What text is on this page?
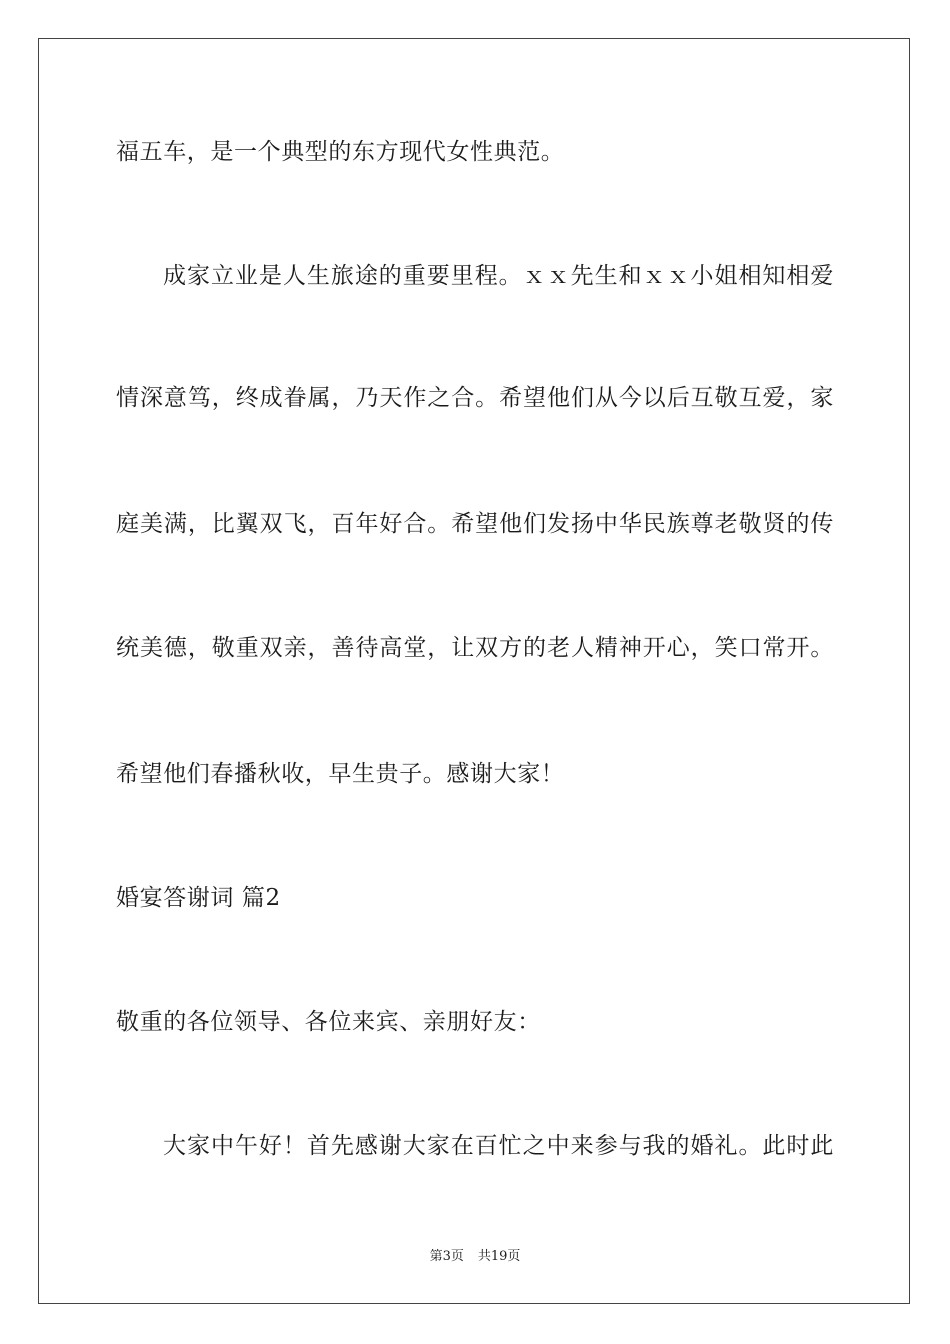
福五车，是一个典型的东方现代女性典范。
成家立业是人生旅途的重要里程。ｘｘ先生和ｘｘ小姐相知相爱
情深意笃，终成眷属，乃天作之合。希望他们从今以后互敬互爱，家
庭美满，比翼双飞，百年好合。希望他们发扬中华民族尊老敬贤的传
统美德，敬重双亲，善待高堂，让双方的老人精神开心，笑口常开。
希望他们春播秋收，早生贵子。感谢大家！
婚宴答谢词 篇2
敬重的各位领导、各位来宾、亲朋好友：
大家中午好！首先感谢大家在百忙之中来参与我的婚礼。此时此
第3页 共19页
